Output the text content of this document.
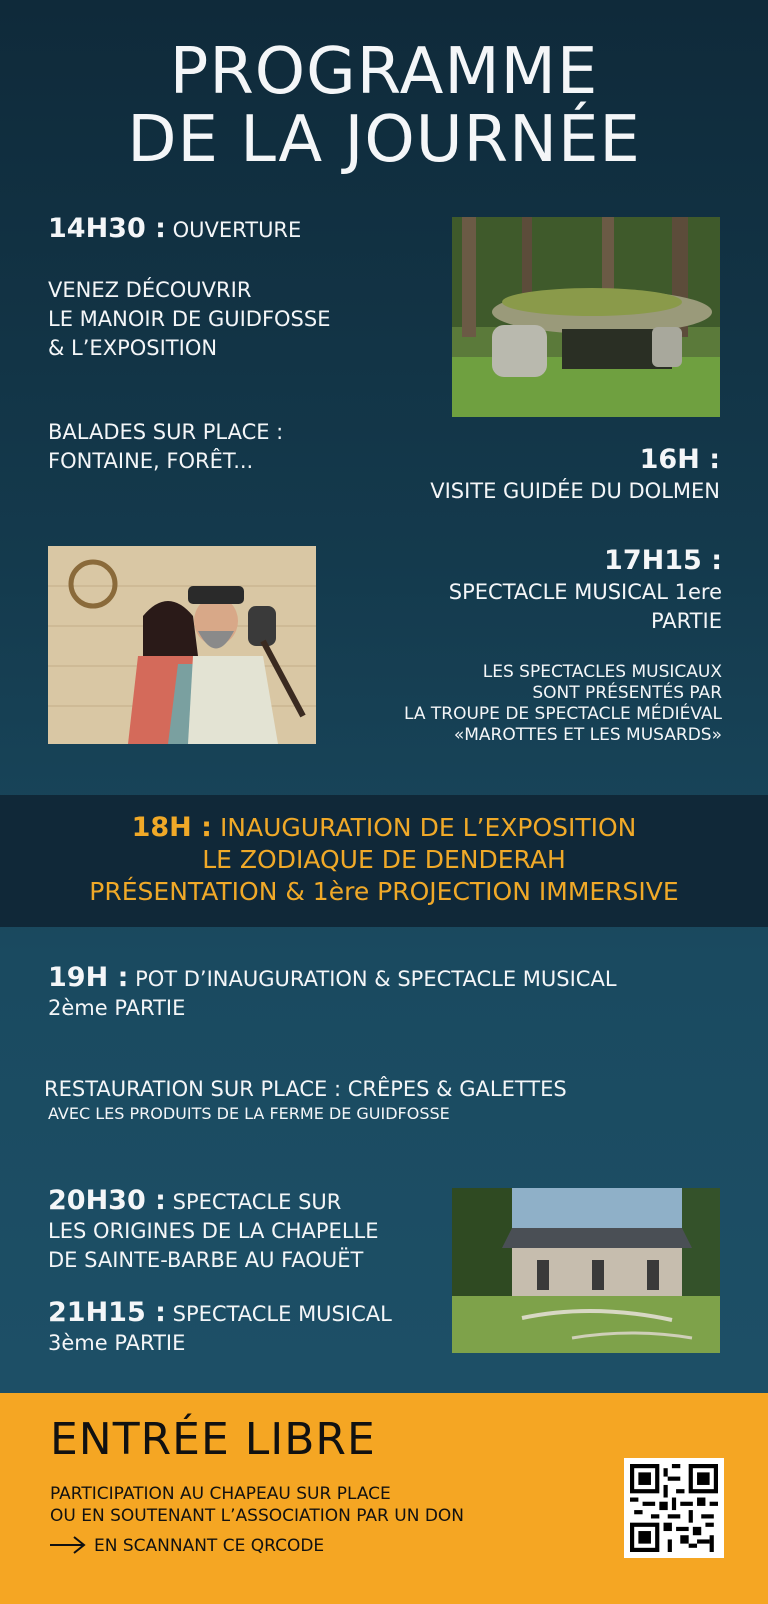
PROGRAMME
DE LA JOURNÉE
14H30 : OUVERTURE
VENEZ DÉCOUVRIR
LE MANOIR DE GUIDFOSSE
& L’EXPOSITION
BALADES SUR PLACE :
FONTAINE, FORÊT...	16H :
VISITE GUIDÉE DU DOLMEN
17H15 :
SPECTACLE MUSICAL 1ere
PARTIE
LES SPECTACLES MUSICAUX
SONT PRÉSENTÉS PAR
LA TROUPE DE SPECTACLE MÉDIÉVAL
«MAROTTES ET LES MUSARDS»
18H : INAUGURATION DE L’EXPOSITION
LE ZODIAQUE DE DENDERAH
PRÉSENTATION & 1ère PROJECTION IMMERSIVE
19H : POT D’INAUGURATION & SPECTACLE MUSICAL
2ème PARTIE
RESTAURATION SUR PLACE : CRÊPES & GALETTES
AVEC LES PRODUITS DE LA FERME DE GUIDFOSSE
20H30 : SPECTACLE SUR
LES ORIGINES DE LA CHAPELLE
DE SAINTE-BARBE AU FAOUËT
21H15 : SPECTACLE MUSICAL
3ème PARTIE
ENTRÉE LIBRE
PARTICIPATION AU CHAPEAU SUR PLACE
OU EN SOUTENANT L’ASSOCIATION PAR UN DON
EN SCANNANT CE QRCODE
